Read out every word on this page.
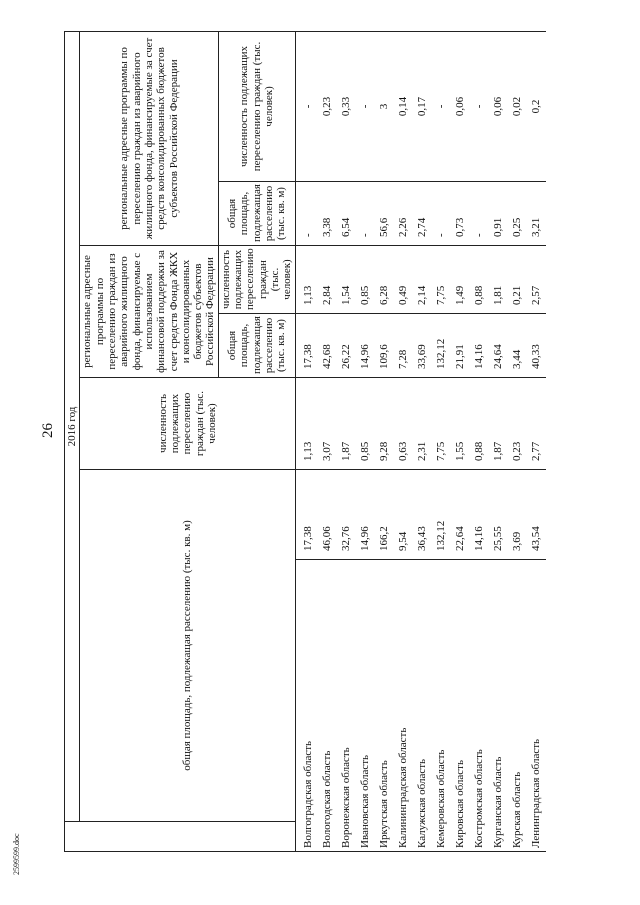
26
2599599.doc
	2016 год						
	общая площадь, подлежащая расселению (тыс. кв. м)		численность подлежащих переселению граждан (тыс. человек)	региональные адресные программы по переселению граждан из аварийного жилищного фонда, финансируемые с использованием финансовой поддержки за счет средств Фонда ЖКХ и консолидированных бюджетов субъектов Российской Федерации		региональные адресные программы по переселению граждан из аварийного жилищного фонда, финансируемые за счет средств консолидированных бюджетов субъектов Российской Федерации	
				общая площадь, подлежащая расселению (тыс. кв. м)	численность подлежащих переселению граждан (тыс. человек)	общая площадь, подлежащая расселению (тыс. кв. м)	численность подлежащих переселению граждан (тыс. человек)
Волгоградская область		17,38	1,13	17,38	1,13	-	-
Вологодская область		46,06	3,07	42,68	2,84	3,38	0,23
Воронежская область		32,76	1,87	26,22	1,54	6,54	0,33
Ивановская область		14,96	0,85	14,96	0,85	-	-
Иркутская область		166,2	9,28	109,6	6,28	56,6	3
Калининградская область		9,54	0,63	7,28	0,49	2,26	0,14
Калужская область		36,43	2,31	33,69	2,14	2,74	0,17
Кемеровская область		132,12	7,75	132,12	7,75	-	-
Кировская область		22,64	1,55	21,91	1,49	0,73	0,06
Костромская область		14,16	0,88	14,16	0,88	-	-
Курганская область		25,55	1,87	24,64	1,81	0,91	0,06
Курская область		3,69	0,23	3,44	0,21	0,25	0,02
Ленинградская область		43,54	2,77	40,33	2,57	3,21	0,2
